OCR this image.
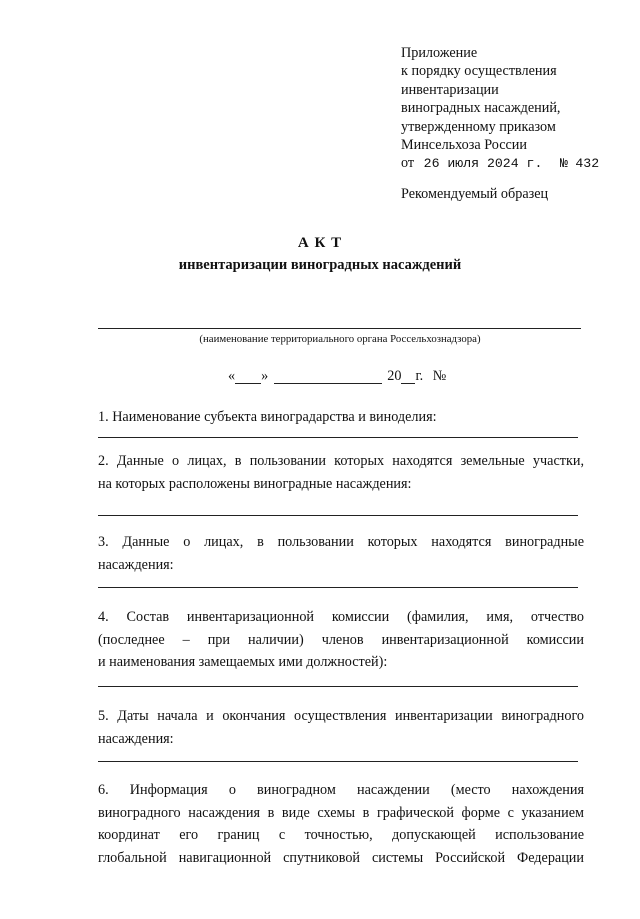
Приложение
к порядку осуществления
инвентаризации
виноградных насаждений,
утвержденному приказом
Минсельхоза России
от 26 июля 2024 г. № 432
Рекомендуемый образец
А К Т
инвентаризации виноградных насаждений
(наименование территориального органа Россельхознадзора)
« »	20 г. №
1. Наименование субъекта виноградарства и виноделия:
2. Данные о лицах, в пользовании которых находятся земельные участки,
на которых расположены виноградные насаждения:
3. Данные о лицах, в пользовании которых находятся виноградные
насаждения:
4. Состав инвентаризационной комиссии (фамилия, имя, отчество
(последнее – при наличии) членов инвентаризационной комиссии
и наименования замещаемых ими должностей):
5. Даты начала и окончания осуществления инвентаризации виноградного
насаждения:
6. Информация о виноградном насаждении (место нахождения
виноградного насаждения в виде схемы в графической форме с указанием
координат его границ с точностью, допускающей использование
глобальной навигационной спутниковой системы Российской Федерации
